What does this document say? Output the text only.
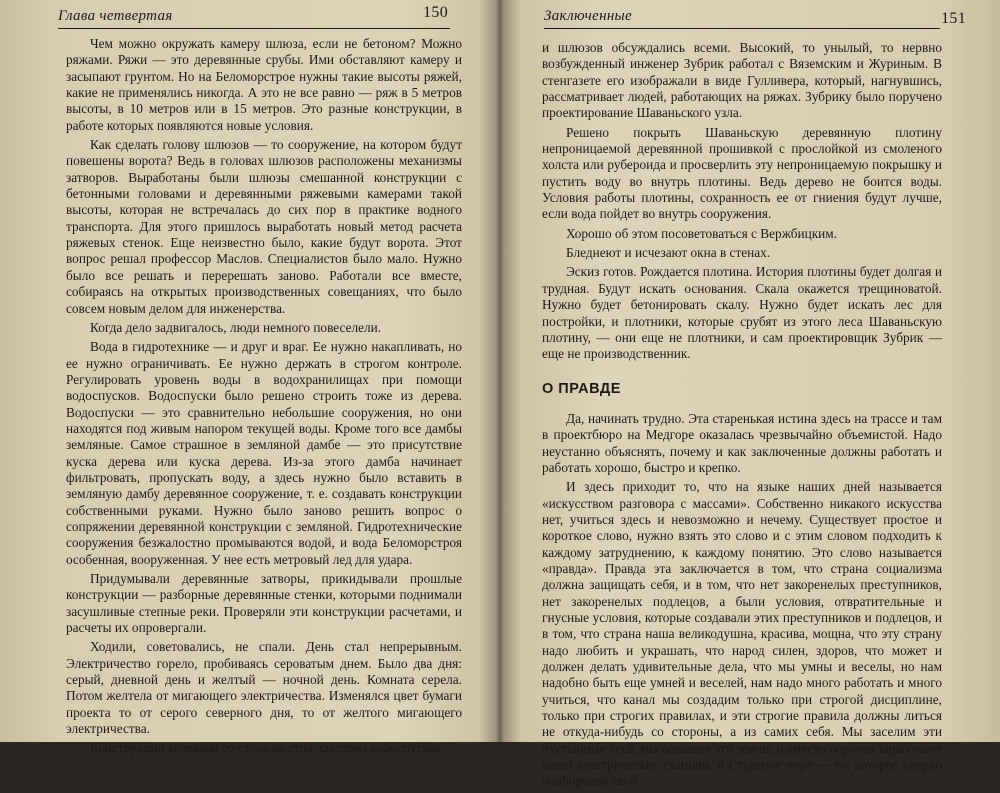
Глава четвертая	150

Чем можно окружать камеру шлюза, если не бетоном? Можно ряжами. Ряжи — это деревянные срубы. Ими обставляют камеру и засыпают грунтом. Но на Беломорстрое нужны такие высоты ряжей, какие не применялись никогда. А это не все равно — ряж в 5 метров высоты, в 10 метров или в 15 метров. Это разные конструкции, в работе которых появляются новые условия.

Как сделать голову шлюзов — то сооружение, на котором будут повешены ворота? Ведь в головах шлюзов расположены механизмы затворов. Выработаны были шлюзы смешанной конструкции с бетонными головами и деревянными ряжевыми камерами такой высоты, которая не встречалась до сих пор в практике водного транспорта. Для этого пришлось выработать новый метод расчета ряжевых стенок. Еще неизвестно было, какие будут ворота. Этот вопрос решал профессор Маслов. Специалистов было мало. Нужно было все решать и перерешать заново. Работали все вместе, собираясь на открытых производственных совещаниях, что было совсем новым делом для инженерства.

Когда дело задвигалось, люди немного повеселели.

Вода в гидротехнике — и друг и враг. Ее нужно накапливать, но ее нужно ограничивать. Ее нужно держать в строгом контроле. Регулировать уровень воды в водохранилищах при помощи водоспусков. Водоспуски было решено строить тоже из дерева. Водоспуски — это сравнительно небольшие сооружения, но они находятся под живым напором текущей воды. Кроме того все дамбы земляные. Самое страшное в земляной дамбе — это присутствие куска дерева или куска дерева. Из-за этого дамба начинает фильтровать, пропускать воду, а здесь нужно было вставить в земляную дамбу деревянное сооружение, т. е. создавать конструкции собственными руками. Нужно было заново решить вопрос о сопряжении деревянной конструкции с земляной. Гидротехнические сооружения безжалостно промываются водой, и вода Беломорстроя особенная, вооруженная. У нее есть метровый лед для удара.

Придумывали деревянные затворы, прикидывали прошлые конструкции — разборные деревянные стенки, которыми поднимали засушливые степные реки. Проверяли эти конструкции расчетами, и расчеты их опровергали.

Ходили, советовались, не спали. День стал непрерывным. Электричество горело, пробиваясь сероватым днем. Было два дня: серый, дневной день и желтый — ночной день. Комната серела. Потом желтела от мигающего электричества. Изменялся цвет бумаги проекта то от серого северного дня, то от желтого мигающего электричества.

Конструкции кочевали со стола на стол, системы водоспусков

Заключенные	151

и шлюзов обсуждались всеми. Высокий, то унылый, то нервно возбужденный инженер Зубрик работал с Вяземским и Журиным. В стенгазете его изображали в виде Гулливера, который, нагнувшись, рассматривает людей, работающих на ряжах. Зубрику было поручено проектирование Шаваньского узла.

Решено покрыть Шаваньскую деревянную плотину непроницаемой деревянной прошивкой с прослойкой из смоленого холста или рубероида и просверлить эту непроницаемую покрышку и пустить воду во внутрь плотины. Ведь дерево не боится воды. Условия работы плотины, сохранность ее от гниения будут лучше, если вода пойдет во внутрь сооружения.

Хорошо об этом посоветоваться с Вержбицким.

Бледнеют и исчезают окна в стенах.

Эскиз готов. Рождается плотина. История плотины будет долгая и трудная. Будут искать основания. Скала окажется трещиноватой. Нужно будет бетонировать скалу. Нужно будет искать лес для постройки, и плотники, которые срубят из этого леса Шаваньскую плотину, — они еще не плотники, и сам проектировщик Зубрик — еще не производственник.

О ПРАВДЕ

Да, начинать трудно. Эта старенькая истина здесь на трассе и там в проектбюро на Медгоре оказалась чрезвычайно объемистой. Надо неустанно объяснять, почему и как заключенные должны работать и работать хорошо, быстро и крепко.

И здесь приходит то, что на языке наших дней называется «искусством разговора с массами». Собственно никакого искусства нет, учиться здесь и невозможно и нечему. Существует простое и короткое слово, нужно взять это слово и с этим словом подходить к каждому затруднению, к каждому понятию. Это слово называется «правда». Правда эта заключается в том, что страна социализма должна защищать себя, и в том, что нет закоренелых преступников, нет закоренелых подлецов, а были условия, отвратительные и гнусные условия, которые создавали этих преступников и подлецов, и в том, что страна наша великодушна, красива, мощна, что эту страну надо любить и украшать, что народ силен, здоров, что может и должен делать удивительные дела, что мы умны и веселы, но нам надобно быть еще умней и веселей, нам надо много работать и много учиться, что канал мы создадим только при строгой дисциплине, только при строгих правилах, и эти строгие правила должны литься не откуда-нибудь со стороны, а из самих себя. Мы заселим эти пустынные леса, мы вспашем эти земли, и вместо порогов заработают наши электрические станции, и Студеное море — то, которое уперло подбородок свой
